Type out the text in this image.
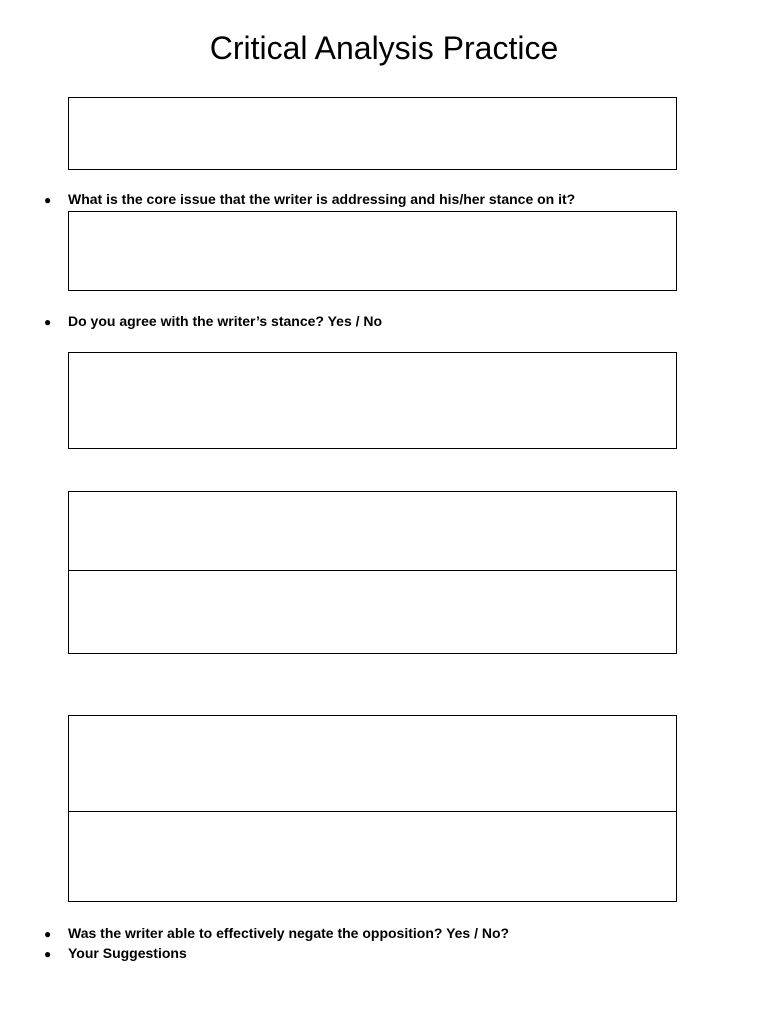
Critical Analysis Practice
● What is the core issue that the writer is addressing and his/her stance on it?
● Do you agree with the writer’s stance? Yes / No
● Was the writer able to effectively negate the opposition? Yes / No?
● Your Suggestions
